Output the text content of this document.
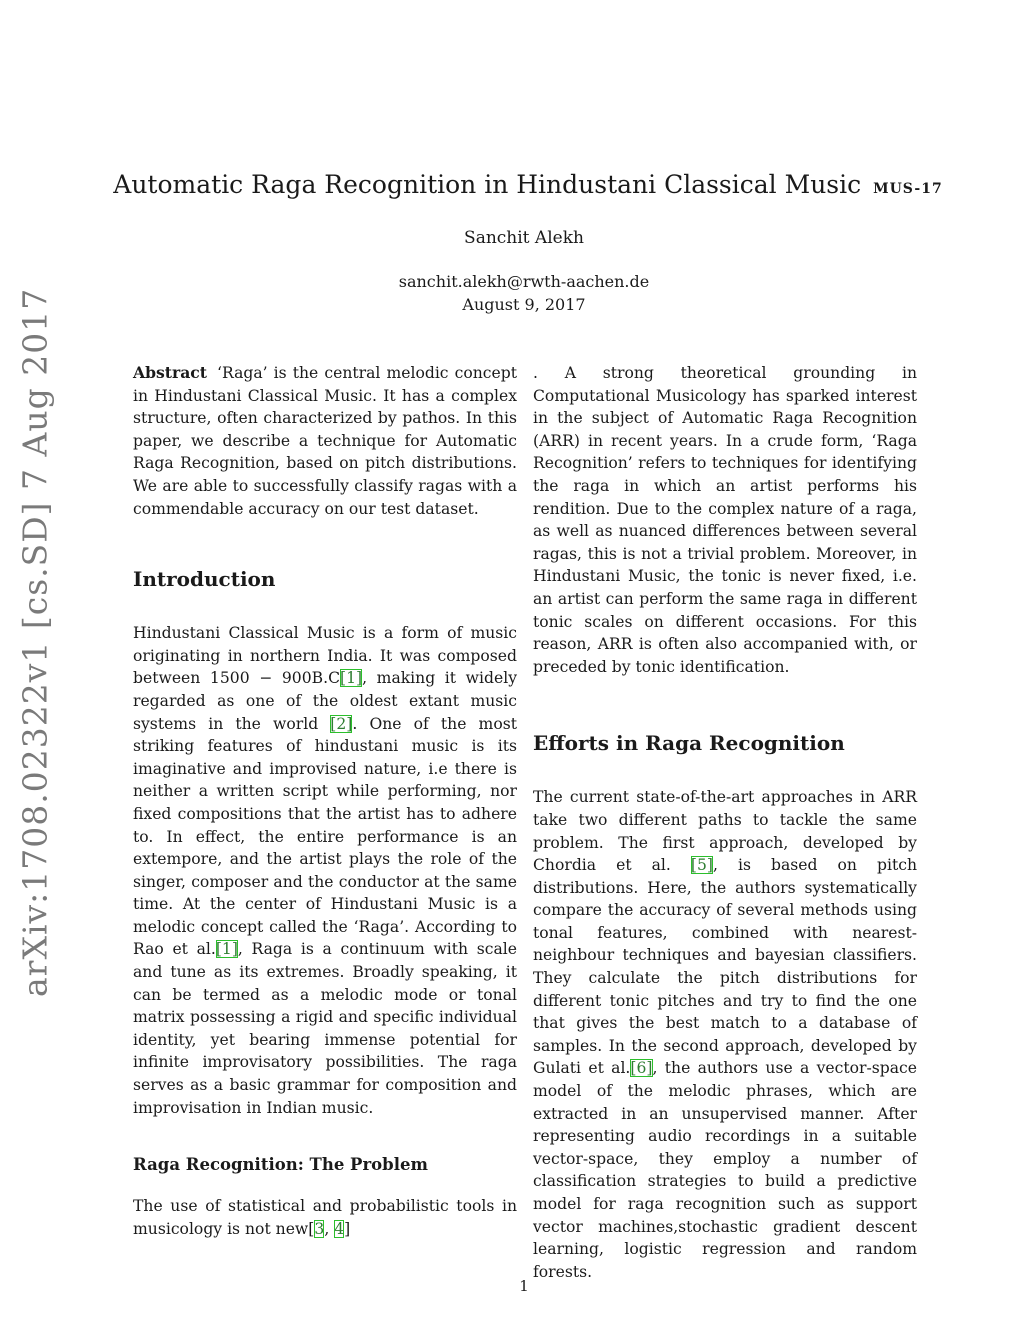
arXiv:1708.02322v1 [cs.SD] 7 Aug 2017
Automatic Raga Recognition in Hindustani Classical Music MUS-17
Sanchit Alekh
sanchit.alekh@rwth-aachen.de
August 9, 2017

Abstract ‘Raga’ is the central melodic concept in Hindustani Classical Music. It has a complex structure, often characterized by pathos. In this paper, we describe a technique for Automatic Raga Recognition, based on pitch distributions. We are able to successfully classify ragas with a commendable accuracy on our test dataset.

Introduction

Hindustani Classical Music is a form of music originating in northern India. It was composed between 1500 − 900B.C[1], making it widely regarded as one of the oldest extant music systems in the world [2]. One of the most striking features of hindustani music is its imaginative and improvised nature, i.e there is neither a written script while performing, nor fixed compositions that the artist has to adhere to. In effect, the entire performance is an extempore, and the artist plays the role of the singer, composer and the conductor at the same time. At the center of Hindustani Music is a melodic concept called the ‘Raga’. According to Rao et al.[1], Raga is a continuum with scale and tune as its extremes. Broadly speaking, it can be termed as a melodic mode or tonal matrix possessing a rigid and specific individual identity, yet bearing immense potential for infinite improvisatory possibilities. The raga serves as a basic grammar for composition and improvisation in Indian music.

Raga Recognition: The Problem

The use of statistical and probabilistic tools in musicology is not new[3, 4]

. A strong theoretical grounding in Computational Musicology has sparked interest in the subject of Automatic Raga Recognition (ARR) in recent years. In a crude form, ‘Raga Recognition’ refers to techniques for identifying the raga in which an artist performs his rendition. Due to the complex nature of a raga, as well as nuanced differences between several ragas, this is not a trivial problem. Moreover, in Hindustani Music, the tonic is never fixed, i.e. an artist can perform the same raga in different tonic scales on different occasions. For this reason, ARR is often also accompanied with, or preceded by tonic identification.

Efforts in Raga Recognition

The current state-of-the-art approaches in ARR take two different paths to tackle the same problem. The first approach, developed by Chordia et al. [5], is based on pitch distributions. Here, the authors systematically compare the accuracy of several methods using tonal features, combined with nearest-neighbour techniques and bayesian classifiers. They calculate the pitch distributions for different tonic pitches and try to find the one that gives the best match to a database of samples. In the second approach, developed by Gulati et al.[6], the authors use a vector-space model of the melodic phrases, which are extracted in an unsupervised manner. After representing audio recordings in a suitable vector-space, they employ a number of classification strategies to build a predictive model for raga recognition such as support vector machines,stochastic gradient descent learning, logistic regression and random forests.

1
